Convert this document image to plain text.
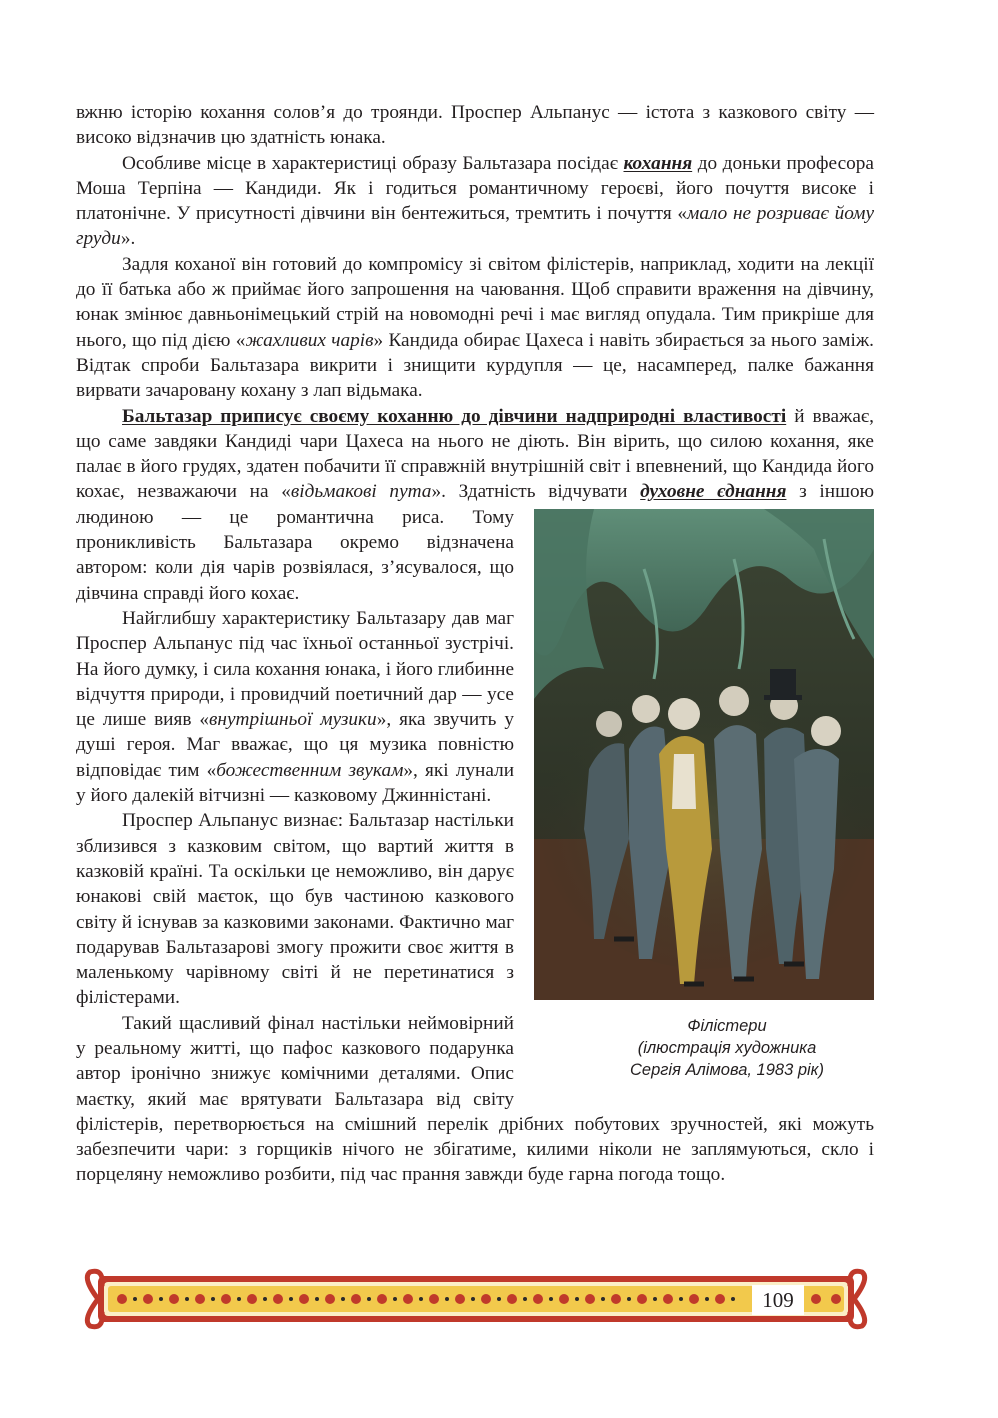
вжню історію кохання солов’я до троянди. Проспер Альпанус — істота з казкового світу — високо відзначив цю здатність юнака.

Особливе місце в характеристиці образу Бальтазара посідає кохання до доньки професора Моша Терпіна — Кандиди. Як і годиться романтичному героєві, його почуття високе і платонічне. У присутності дівчини він бентежиться, тремтить і почуття «мало не розриває йому груди».

Задля коханої він готовий до компромісу зі світом філістерів, наприклад, ходити на лекції до її батька або ж приймає його запрошення на чаювання. Щоб справити враження на дівчину, юнак змінює давньонімецький стрій на новомодні речі і має вигляд опудала. Тим прикріше для нього, що під дією «жахливих чарів» Кандида обирає Цахеса і навіть збирається за нього заміж. Відтак спроби Бальтазара викрити і знищити курдупля — це, насамперед, палке бажання вирвати зачаровану кохану з лап відьмака.

Бальтазар приписує своєму коханню до дівчини надприродні властивості й вважає, що саме завдяки Кандиді чари Цахеса на нього не діють. Він вірить, що силою кохання, яке палає в його грудях, здатен побачити її справжній внутрішній світ і впевнений, що Кандида його кохає, незважаючи на «відьмакові пута». Здатність відчувати
Філістери
(ілюстрація художника
Сергія Алімова, 1983 рік)
духовне єднання з іншою людиною — це романтична риса. Тому проникливість Бальтазара окремо відзначена автором: коли дія чарів розвіялася, з’ясувалося, що дівчина справді його кохає.

Найглибшу характеристику Бальтазару дав маг Проспер Альпанус під час їхньої останньої зустрічі. На його думку, і сила кохання юнака, і його глибинне відчуття природи, і провидчий поетичний дар — усе це лише вияв «внутрішньої музики», яка звучить у душі героя. Маг вважає, що ця музика повністю відповідає тим «божественним звукам», які лунали у його далекій вітчизні — казковому Джинністані.

Проспер Альпанус визнає: Бальтазар настільки зблизився з казковим світом, що вартий життя в казковій країні. Та оскільки це неможливо, він дарує юнакові свій маєток, що був частиною казкового світу й існував за казковими законами. Фактично маг подарував Бальтазарові змогу прожити своє життя в маленькому чарівному світі й не перетинатися з філістерами.

Такий щасливий фінал настільки неймовірний у реальному житті, що пафос казкового подарунка автор іронічно знижує комічними деталями. Опис маєтку, який має врятувати Бальтазара від світу філістерів, перетворюється на смішний перелік дрібних побутових зручностей, які можуть забезпечити чари: з горщиків нічого не збігатиме, килими ніколи не заплямуються, скло і порцеляну неможливо розбити, під час прання завжди буде гарна погода тощо.

109
